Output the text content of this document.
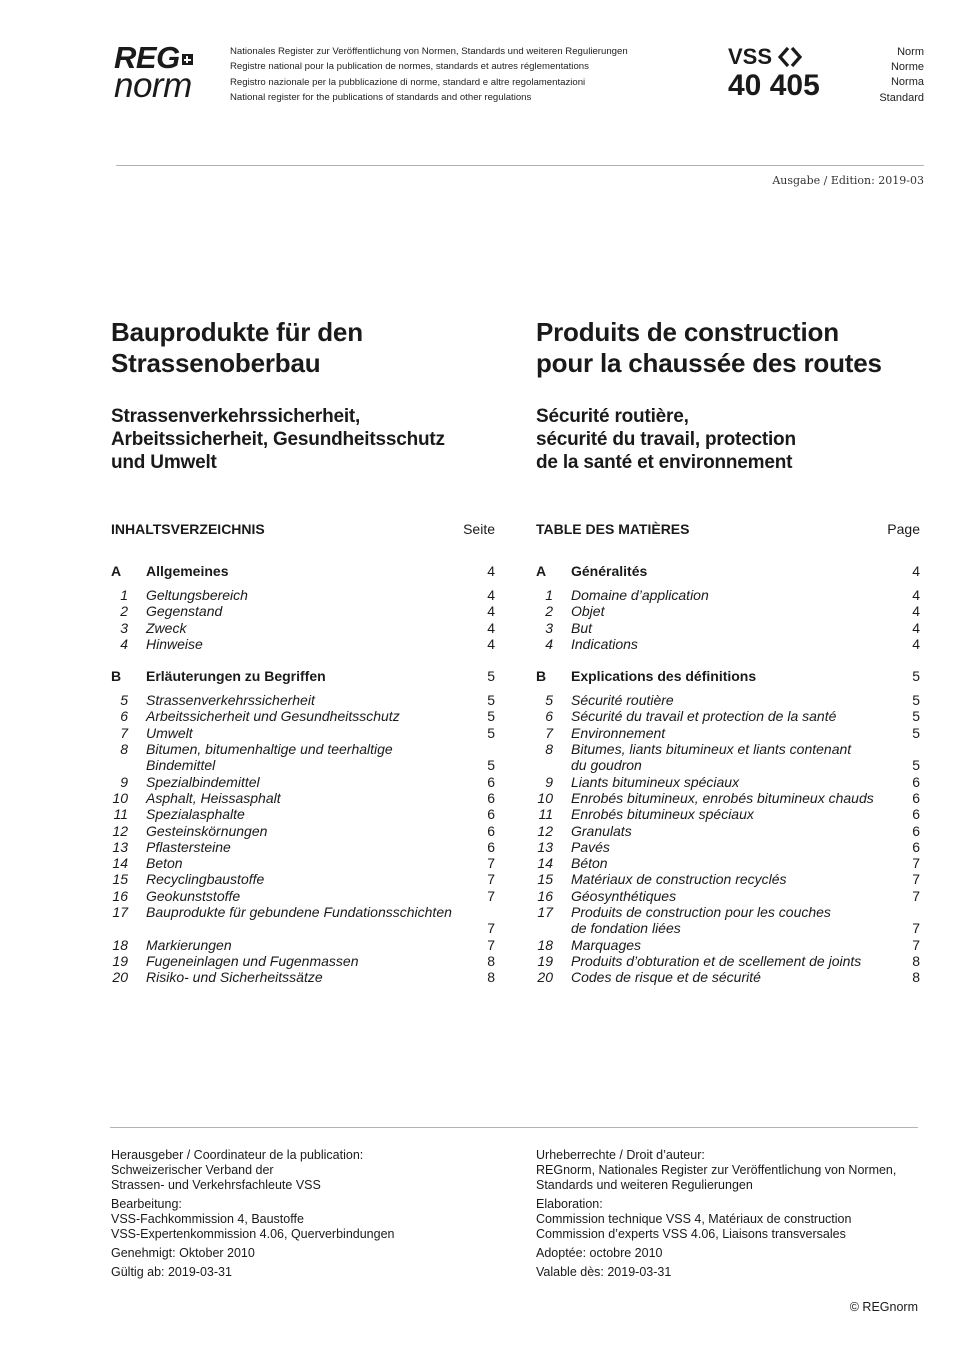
REG
norm
Nationales Register zur Veröffentlichung von Normen, Standards und weiteren Regulierungen
Registre national pour la publication de normes, standards et autres réglementations
Registro nazionale per la pubblicazione di norme, standard e altre regolamentazioni
National register for the publications of standards and other regulations
VSS
40 405
Norm
Norme
Norma
Standard
Ausgabe / Edition: 2019-03
Bauprodukte für den
Strassenoberbau
Produits de construction
pour la chaussée des routes
Strassenverkehrssicherheit,
Arbeitssicherheit, Gesundheitsschutz
und Umwelt
Sécurité routière,
sécurité du travail, protection
de la santé et environnement
INHALTSVERZEICHNIS	Seite	TABLE DES MATIÈRES	Page
A	Allgemeines	4
1 Geltungsbereich	4
2 Gegenstand	4
3 Zweck	4
4 Hinweise	4
B	Erläuterungen zu Begriffen	5
5 Strassenverkehrssicherheit	5
6 Arbeitssicherheit und Gesundheitsschutz	5
7 Umwelt	5
8 Bitumen, bitumenhaltige und teerhaltige
Bindemittel	5
9 Spezialbindemittel	6
10 Asphalt, Heissasphalt	6
11 Spezialasphalte	6
12 Gesteinskörnungen	6
13 Pflastersteine	6
14 Beton	7
15 Recyclingbaustoffe	7
16 Geokunststoffe	7
17 Bauprodukte für gebundene Fundationsschichten

7
18 Markierungen	7
19 Fugeneinlagen und Fugenmassen	8
20 Risiko- und Sicherheitssätze	8
A	Généralités	4
1 Domaine d’application	4
2 Objet	4
3 But	4
4 Indications	4
B	Explications des définitions	5
5 Sécurité routière	5
6 Sécurité du travail et protection de la santé	5
7 Environnement	5
8 Bitumes, liants bitumineux et liants contenant
du goudron	5
9 Liants bitumineux spéciaux	6
10 Enrobés bitumineux, enrobés bitumineux chauds	6
11 Enrobés bitumineux spéciaux	6
12 Granulats	6
13 Pavés	6
14 Béton	7
15 Matériaux de construction recyclés	7
16 Géosynthétiques	7
17 Produits de construction pour les couches
de fondation liées	7
18 Marquages	7
19 Produits d’obturation et de scellement de joints	8
20 Codes de risque et de sécurité	8
Herausgeber / Coordinateur de la publication:
Schweizerischer Verband der
Strassen- und Verkehrsfachleute VSS
Bearbeitung:
VSS-Fachkommission 4, Baustoffe
VSS-Expertenkommission 4.06, Querverbindungen
Genehmigt: Oktober 2010
Gültig ab: 2019-03-31
Urheberrechte / Droit d’auteur:
REGnorm, Nationales Register zur Veröffentlichung von Normen,
Standards und weiteren Regulierungen
Elaboration:
Commission technique VSS 4, Matériaux de construction
Commission d’experts VSS 4.06, Liaisons transversales
Adoptée: octobre 2010
Valable dès: 2019-03-31
© REGnorm
